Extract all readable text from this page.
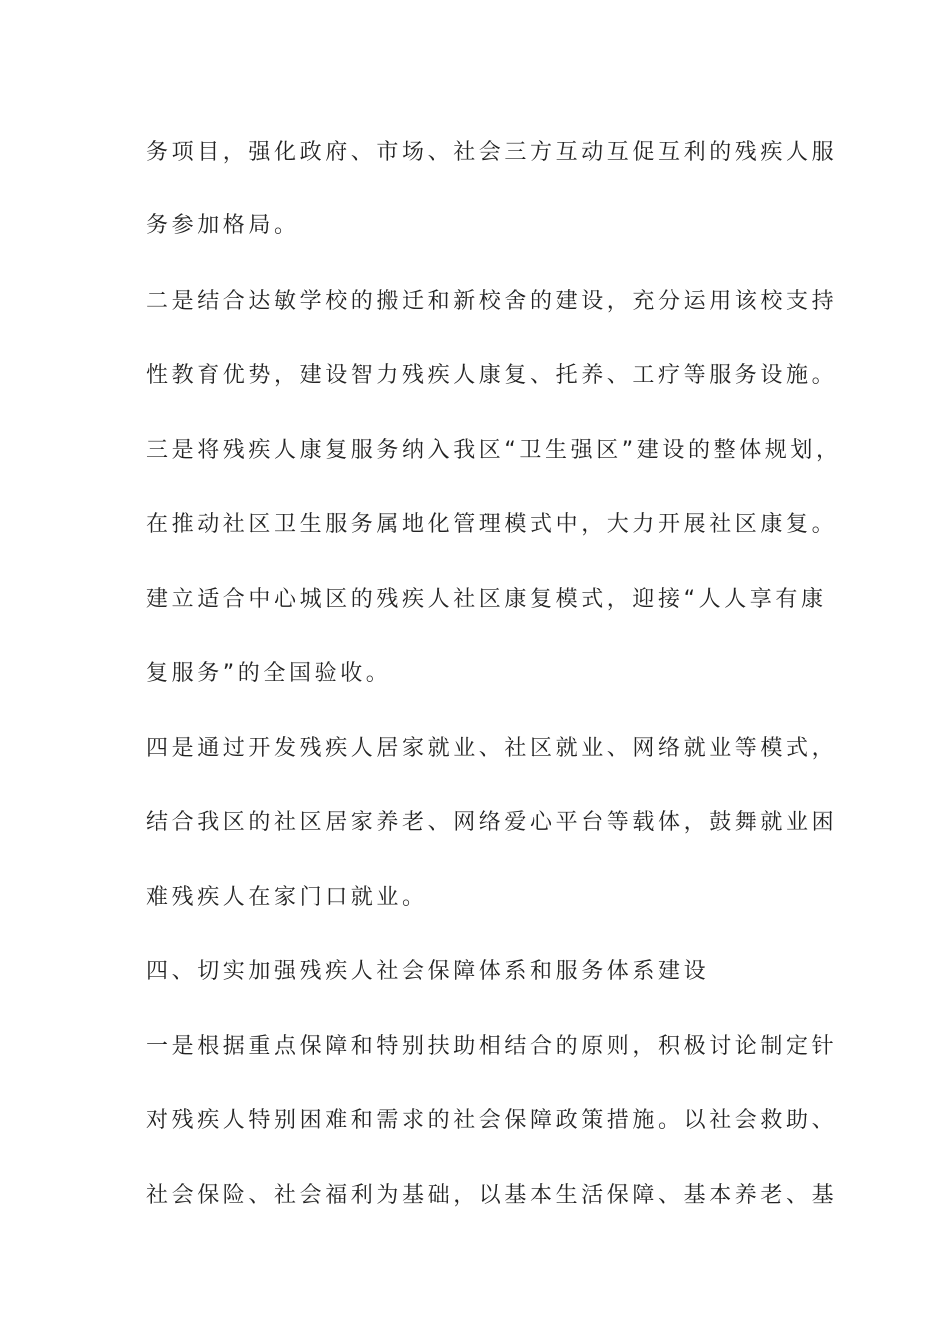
务项目，强化政府、市场、社会三方互动互促互利的残疾人服

务参加格局。

二是结合达敏学校的搬迁和新校舍的建设，充分运用该校支持

性教育优势，建设智力残疾人康复、托养、工疗等服务设施。

三是将残疾人康复服务纳入我区“卫生强区”建设的整体规划，

在推动社区卫生服务属地化管理模式中，大力开展社区康复。

建立适合中心城区的残疾人社区康复模式，迎接“人人享有康

复服务”的全国验收。

四是通过开发残疾人居家就业、社区就业、网络就业等模式，

结合我区的社区居家养老、网络爱心平台等载体，鼓舞就业困

难残疾人在家门口就业。

四、切实加强残疾人社会保障体系和服务体系建设

一是根据重点保障和特别扶助相结合的原则，积极讨论制定针

对残疾人特别困难和需求的社会保障政策措施。以社会救助、

社会保险、社会福利为基础，以基本生活保障、基本养老、基
